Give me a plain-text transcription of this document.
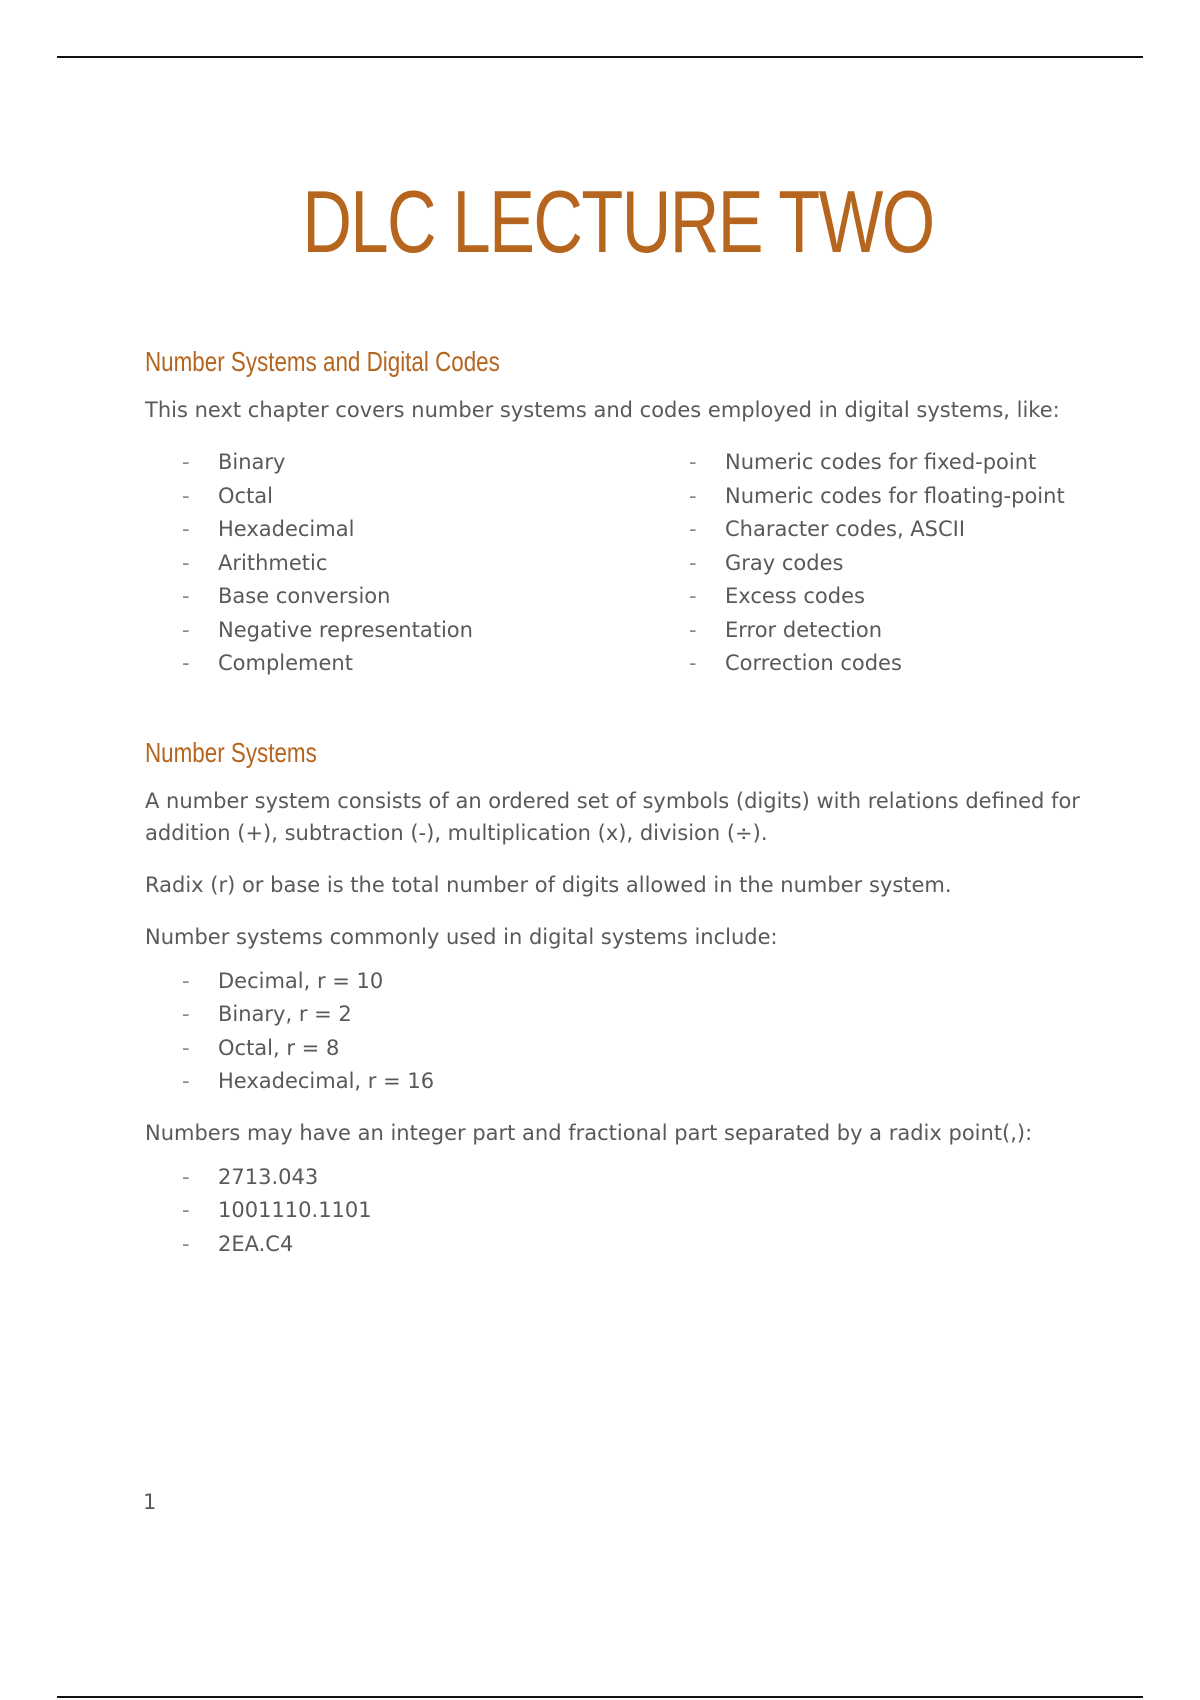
DLC LECTURE TWO
Number Systems and Digital Codes

This next chapter covers number systems and codes employed in digital systems, like:

- Binary
- Octal
- Hexadecimal
- Arithmetic
- Base conversion
- Negative representation
- Complement
- Numeric codes for fixed-point
- Numeric codes for floating-point
- Character codes, ASCII
- Gray codes
- Excess codes
- Error detection
- Correction codes
Number Systems

A number system consists of an ordered set of symbols (digits) with relations defined for addition (+), subtraction (-), multiplication (x), division (÷).

Radix (r) or base is the total number of digits allowed in the number system.

Number systems commonly used in digital systems include:

- Decimal, r = 10
- Binary, r = 2
- Octal, r = 8
- Hexadecimal, r = 16

Numbers may have an integer part and fractional part separated by a radix point(,):

- 2713.043
- 1001110.1101
- 2EA.C4
1
